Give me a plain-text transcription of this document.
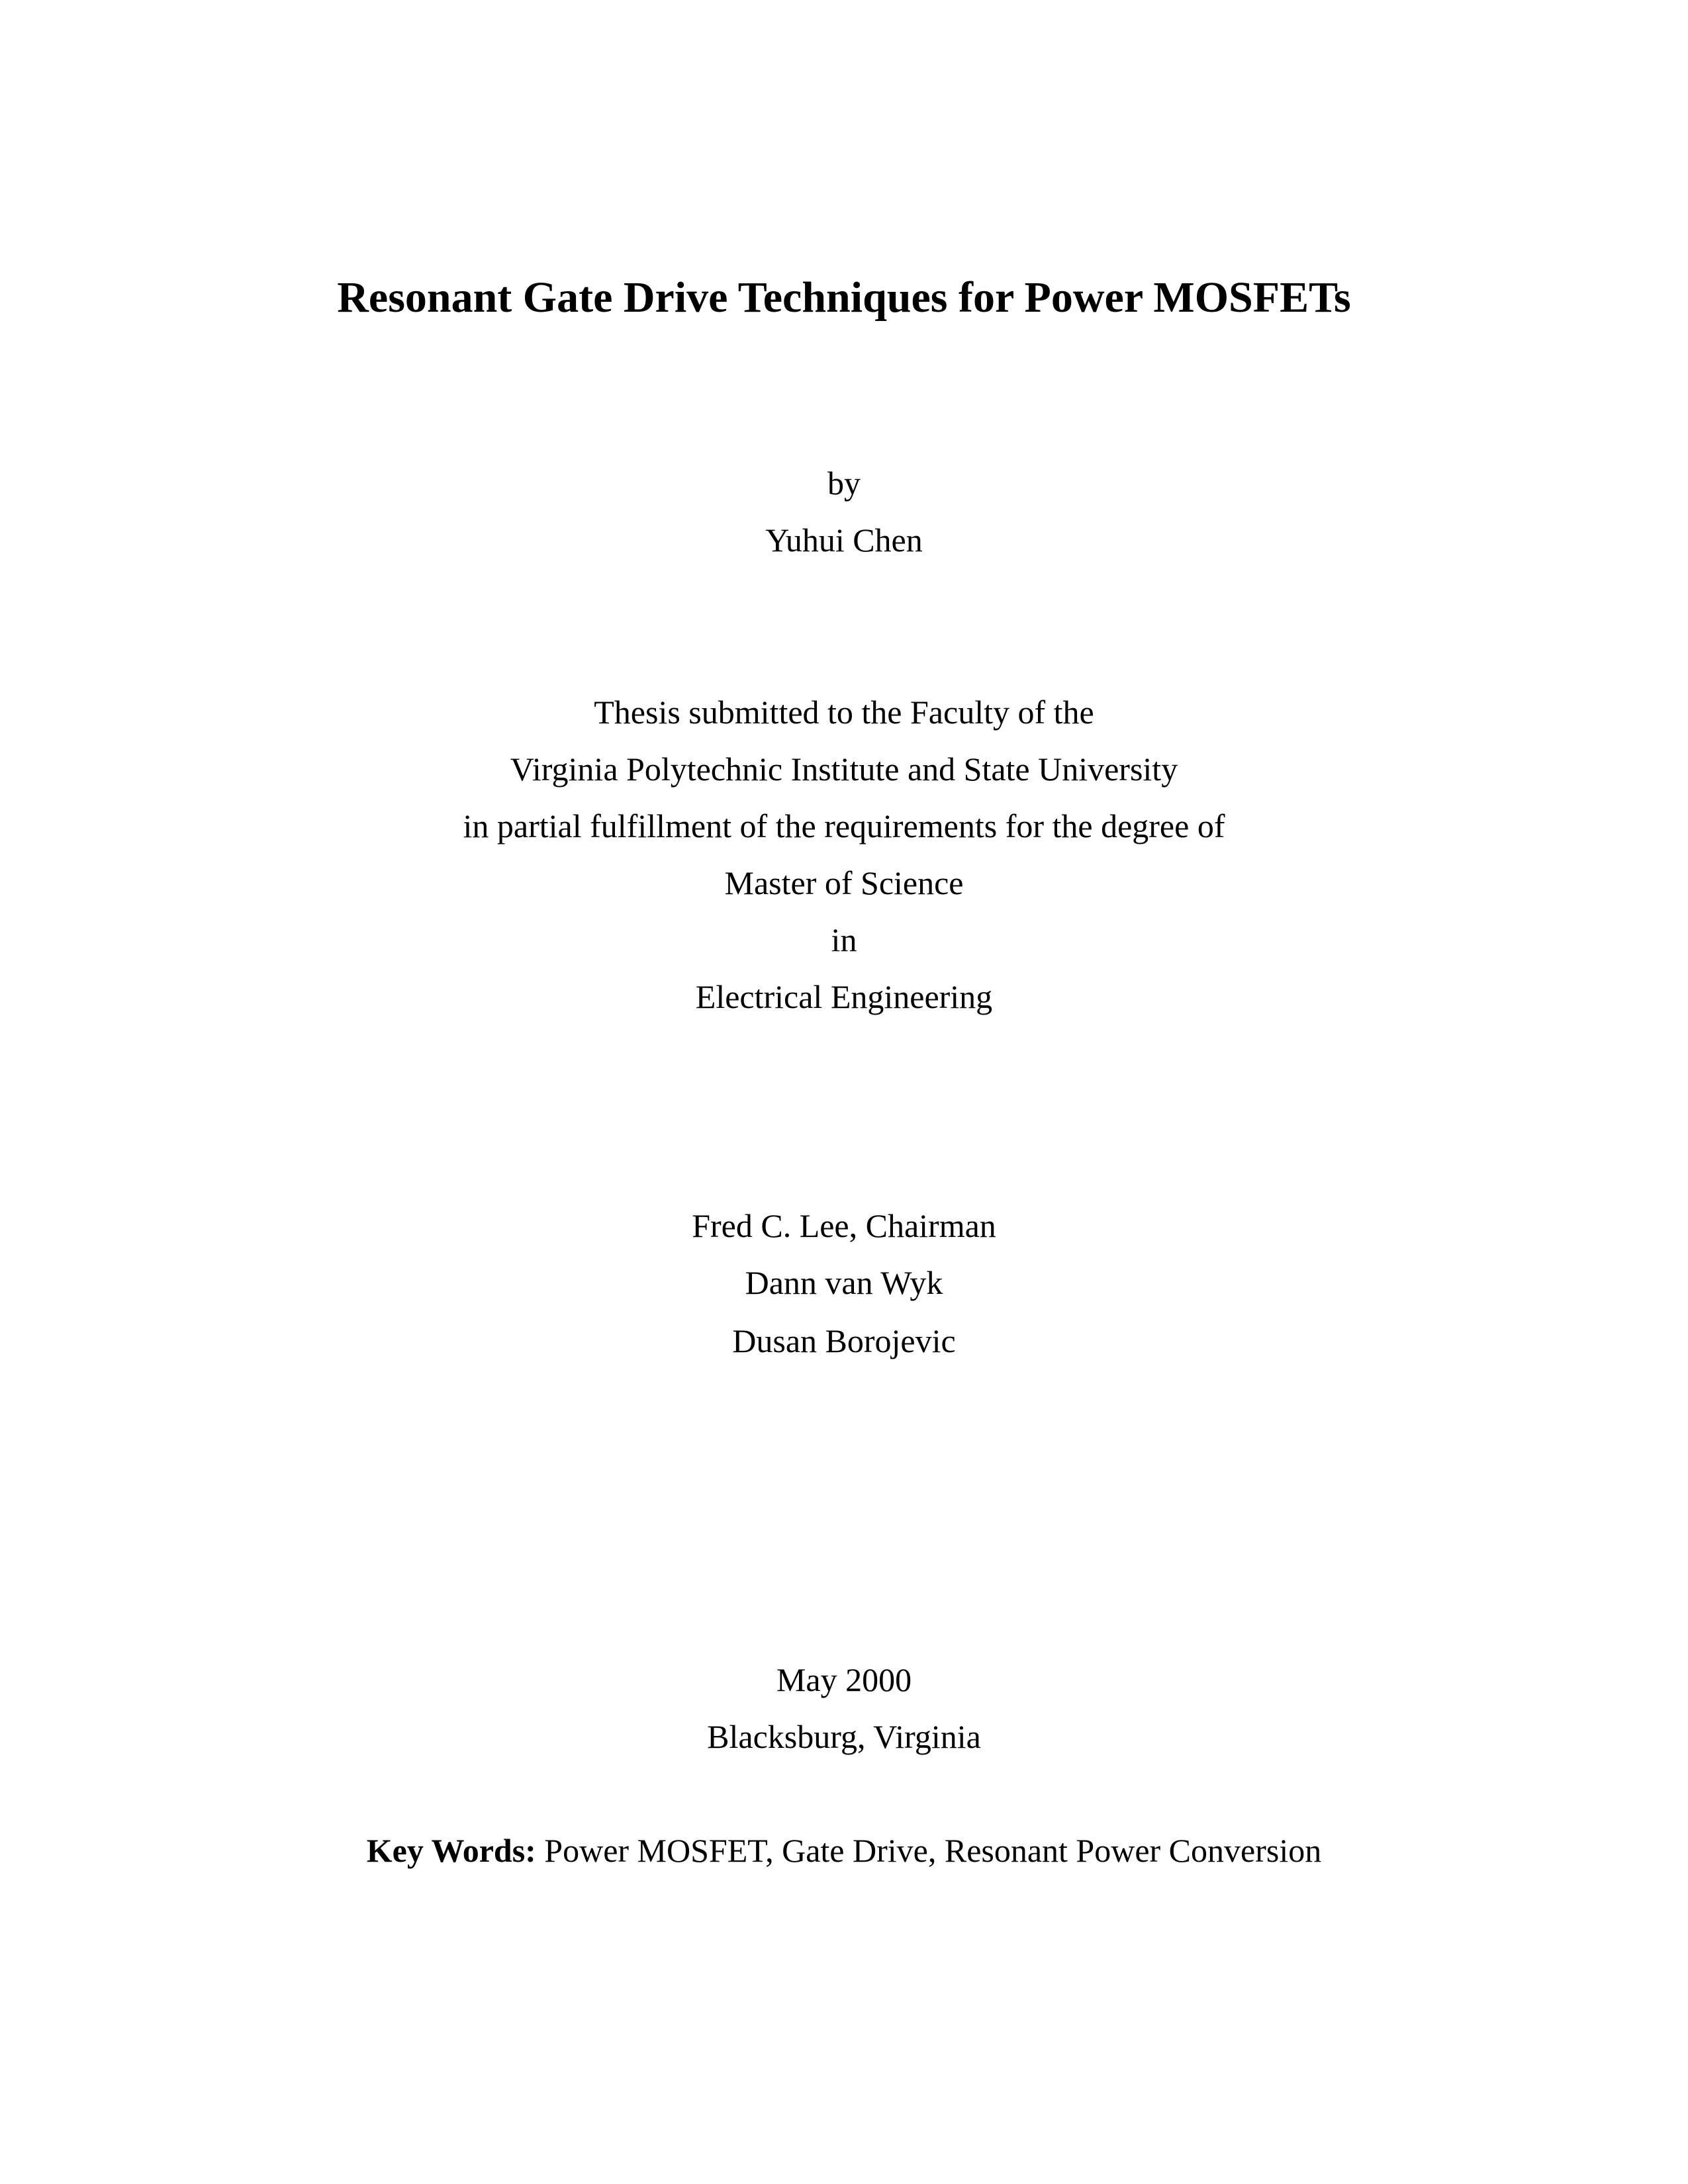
Resonant Gate Drive Techniques for Power MOSFETs
by
Yuhui Chen
Thesis submitted to the Faculty of the
Virginia Polytechnic Institute and State University
in partial fulfillment of the requirements for the degree of
Master of Science
in
Electrical Engineering
Fred C. Lee, Chairman
Dann van Wyk
Dusan Borojevic
May 2000
Blacksburg, Virginia
Key Words: Power MOSFET, Gate Drive, Resonant Power Conversion
